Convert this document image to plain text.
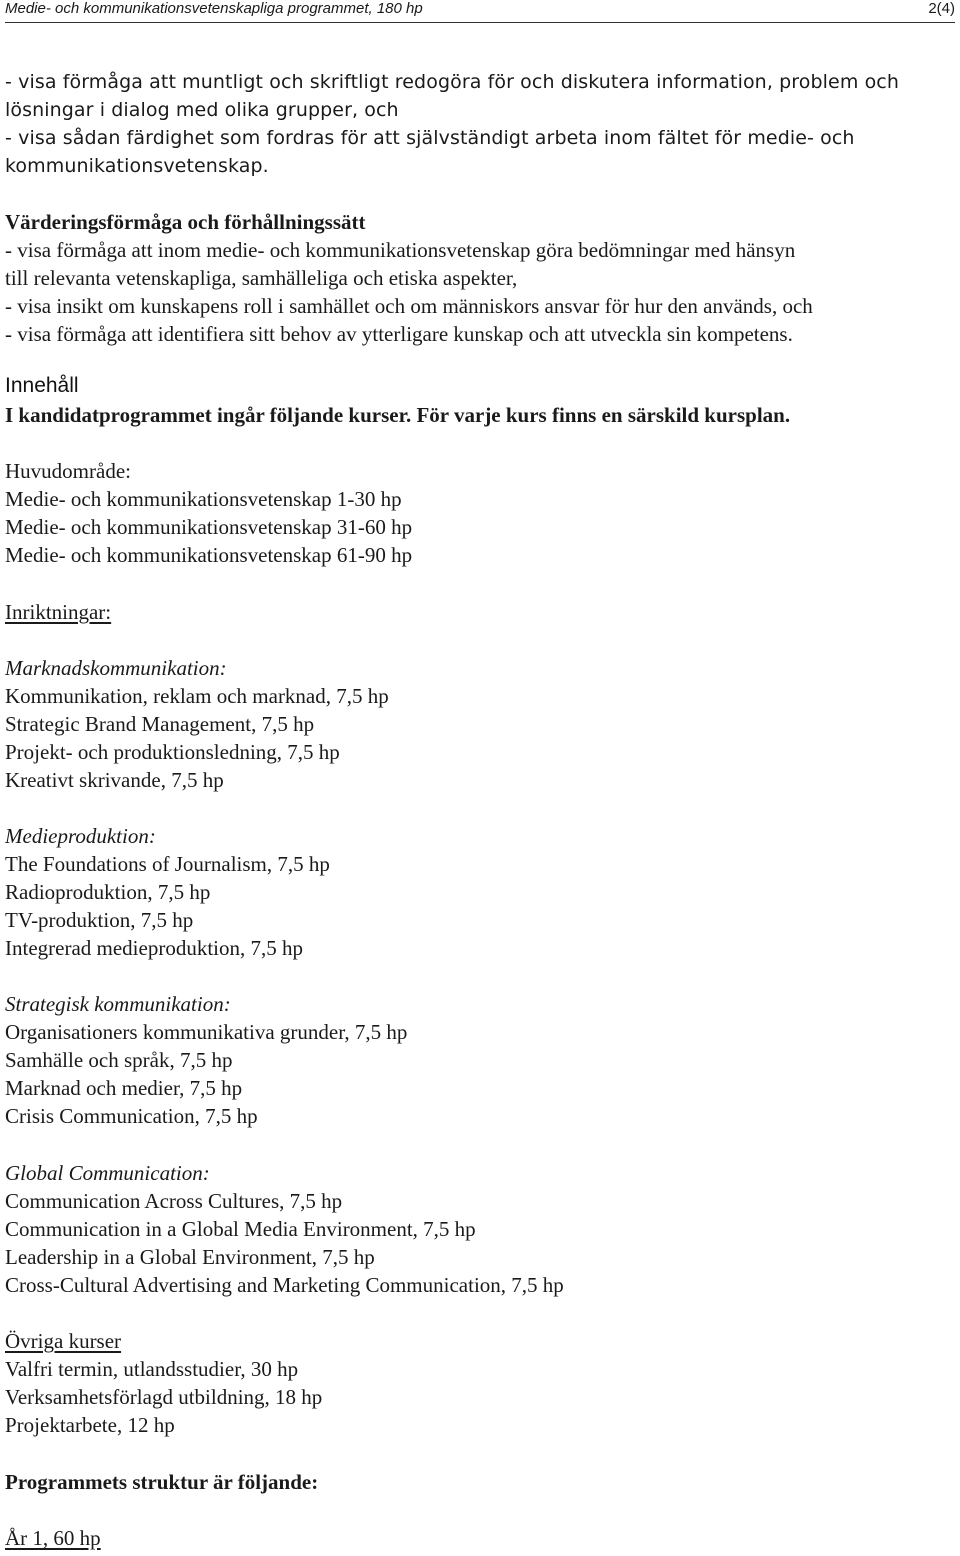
Medie- och kommunikationsvetenskapliga programmet, 180 hp	2(4)
- visa förmåga att muntligt och skriftligt redogöra för och diskutera information, problem och
lösningar i dialog med olika grupper, och
- visa sådan färdighet som fordras för att självständigt arbeta inom fältet för medie- och
kommunikationsvetenskap.
Värderingsförmåga och förhållningssätt
- visa förmåga att inom medie- och kommunikationsvetenskap göra bedömningar med hänsyn
till relevanta vetenskapliga, samhälleliga och etiska aspekter,
- visa insikt om kunskapens roll i samhället och om människors ansvar för hur den används, och
- visa förmåga att identifiera sitt behov av ytterligare kunskap och att utveckla sin kompetens.
Innehåll
I kandidatprogrammet ingår följande kurser. För varje kurs finns en särskild kursplan.
Huvudområde:
Medie- och kommunikationsvetenskap 1-30 hp
Medie- och kommunikationsvetenskap 31-60 hp
Medie- och kommunikationsvetenskap 61-90 hp
Inriktningar:
Marknadskommunikation:
Kommunikation, reklam och marknad, 7,5 hp
Strategic Brand Management, 7,5 hp
Projekt- och produktionsledning, 7,5 hp
Kreativt skrivande, 7,5 hp
Medieproduktion:
The Foundations of Journalism, 7,5 hp
Radioproduktion, 7,5 hp
TV-produktion, 7,5 hp
Integrerad medieproduktion, 7,5 hp
Strategisk kommunikation:
Organisationers kommunikativa grunder, 7,5 hp
Samhälle och språk, 7,5 hp
Marknad och medier, 7,5 hp
Crisis Communication, 7,5 hp
Global Communication:
Communication Across Cultures, 7,5 hp
Communication in a Global Media Environment, 7,5 hp
Leadership in a Global Environment, 7,5 hp
Cross-Cultural Advertising and Marketing Communication, 7,5 hp
Övriga kurser
Valfri termin, utlandsstudier, 30 hp
Verksamhetsförlagd utbildning, 18 hp
Projektarbete, 12 hp
Programmets struktur är följande:
År 1, 60 hp
